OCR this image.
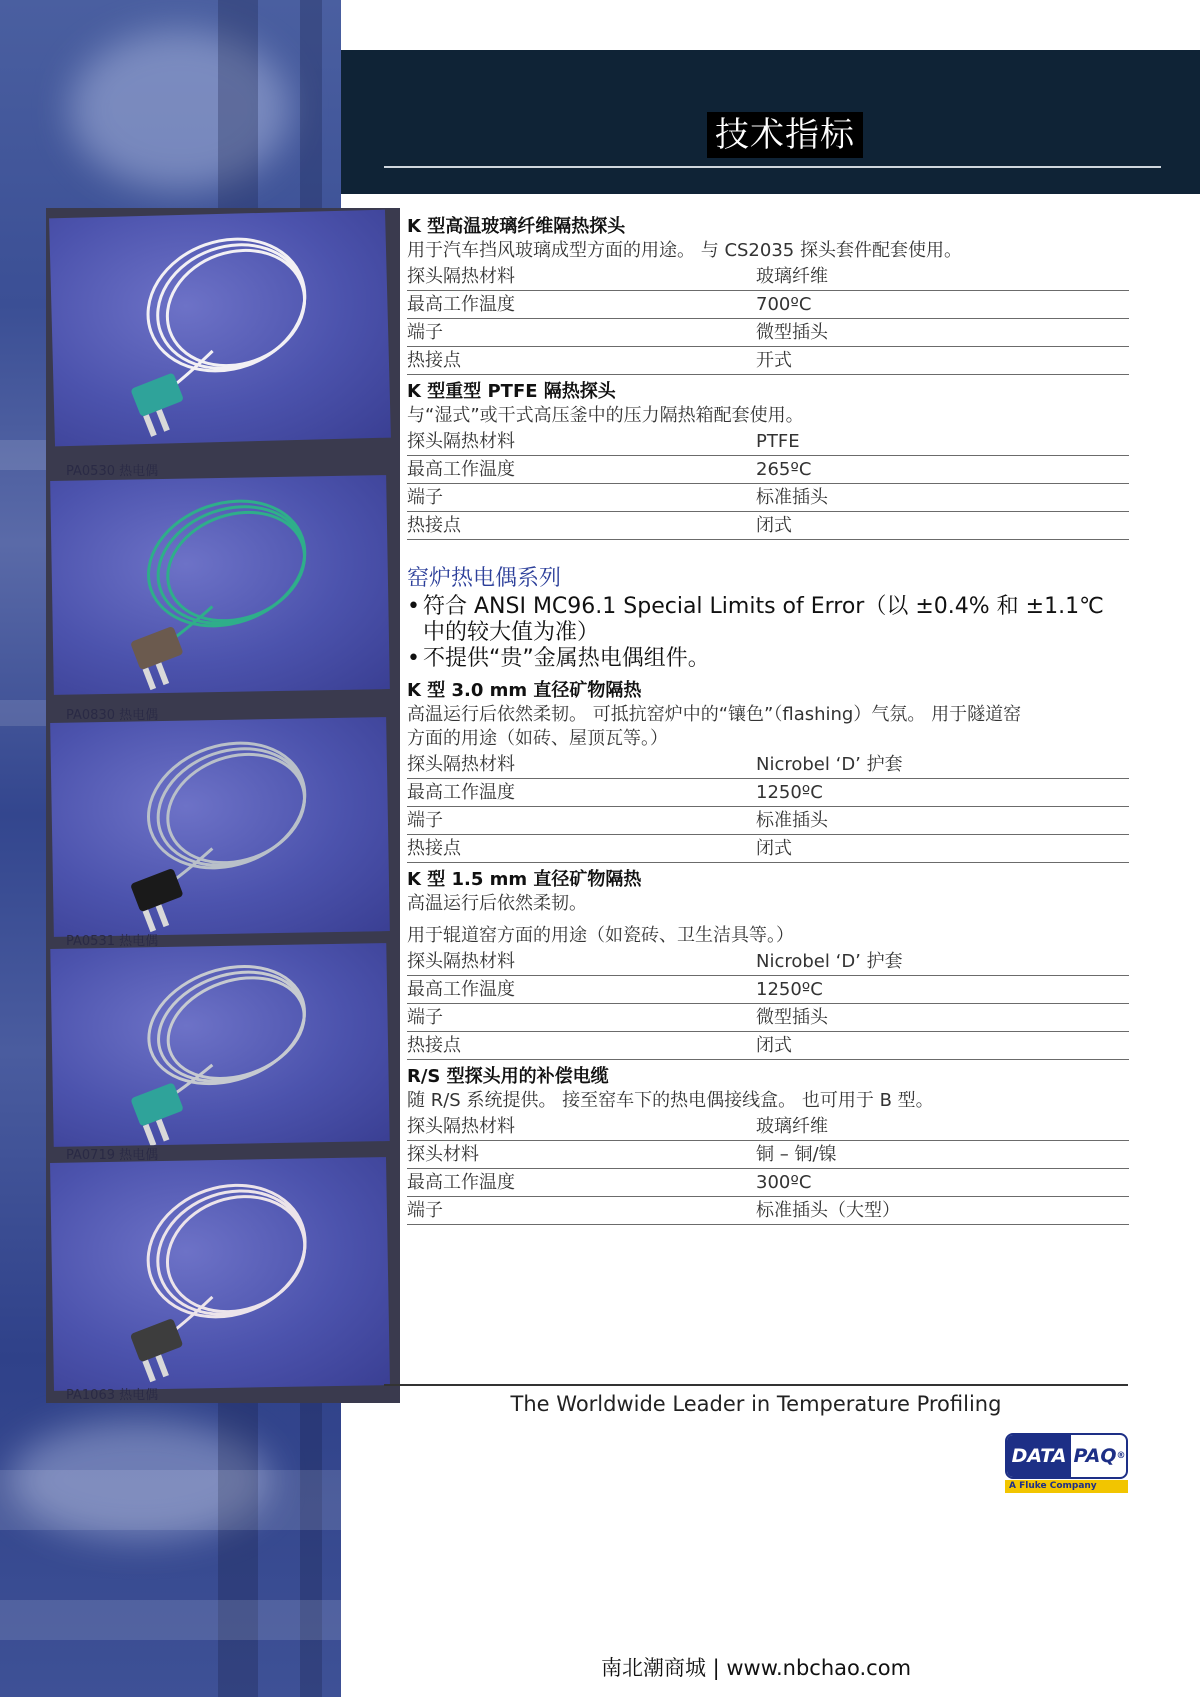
技术指标
PA0530 热电偶
PA0830 热电偶
PA0531 热电偶
PA0719 热电偶
PA1063 热电偶
K 型高温玻璃纤维隔热探头
用于汽车挡风玻璃成型方面的用途。 与 CS2035 探头套件配套使用。
探头隔热材料	玻璃纤维
最高工作温度	700ºC
端子	微型插头
热接点	开式
K 型重型 PTFE 隔热探头
与“湿式”或干式高压釜中的压力隔热箱配套使用。
探头隔热材料	PTFE
最高工作温度	265ºC
端子	标准插头
热接点	闭式
窑炉热电偶系列
• 符合 ANSI MC96.1 Special Limits of Error（以 ±0.4% 和 ±1.1℃
中的较大值为准）
• 不提供“贵”金属热电偶组件。
K 型 3.0 mm 直径矿物隔热
高温运行后依然柔韧。 可抵抗窑炉中的“镶色”（flashing）气氛。 用于隧道窑
方面的用途（如砖、屋顶瓦等。）
探头隔热材料	Nicrobel ‘D’ 护套
最高工作温度	1250ºC
端子	标准插头
热接点	闭式
K 型 1.5 mm 直径矿物隔热
高温运行后依然柔韧。
用于辊道窑方面的用途（如瓷砖、卫生洁具等。）
探头隔热材料	Nicrobel ‘D’ 护套
最高工作温度	1250ºC
端子	微型插头
热接点	闭式
R/S 型探头用的补偿电缆
随 R/S 系统提供。 接至窑车下的热电偶接线盒。 也可用于 B 型。
探头隔热材料	玻璃纤维
探头材料	铜 – 铜/镍
最高工作温度	300ºC
端子	标准插头（大型）
The Worldwide Leader in Temperature Profiling
DATA PAQ®
A Fluke Company
南北潮商城 | www.nbchao.com
